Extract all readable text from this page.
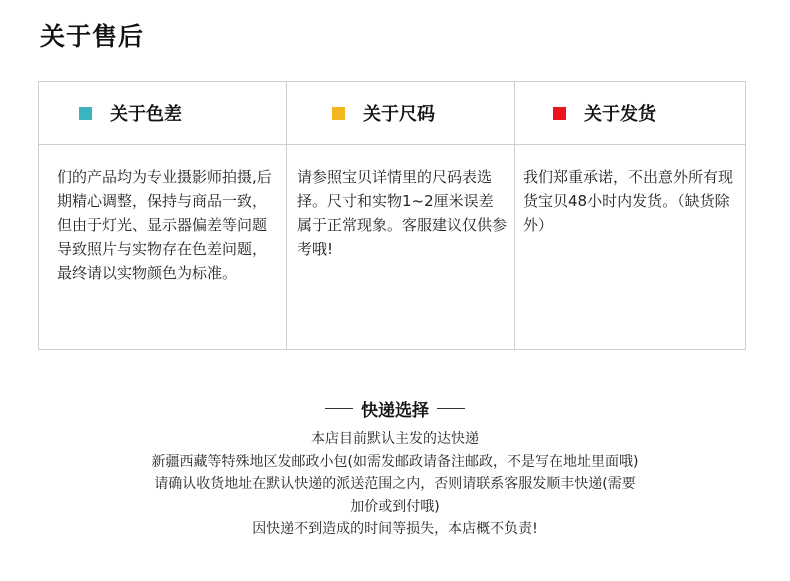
关于售后
关于色差
们的产品均为专业摄影师拍摄,后期精心调整，保持与商品一致，但由于灯光、显示器偏差等问题导致照片与实物存在色差问题，最终请以实物颜色为标准。
关于尺码
请参照宝贝详情里的尺码表选择。尺寸和实物1~2厘米误差属于正常现象。客服建议仅供参考哦!
关于发货
我们郑重承诺，不出意外所有现货宝贝48小时内发货。（缺货除外）
快递选择
本店目前默认主发的达快递
新疆西藏等特殊地区发邮政小包(如需发邮政请备注邮政，不是写在地址里面哦)
请确认收货地址在默认快递的派送范围之内，否则请联系客服发顺丰快递(需要
加价或到付哦)
因快递不到造成的时间等损失，本店概不负责!
